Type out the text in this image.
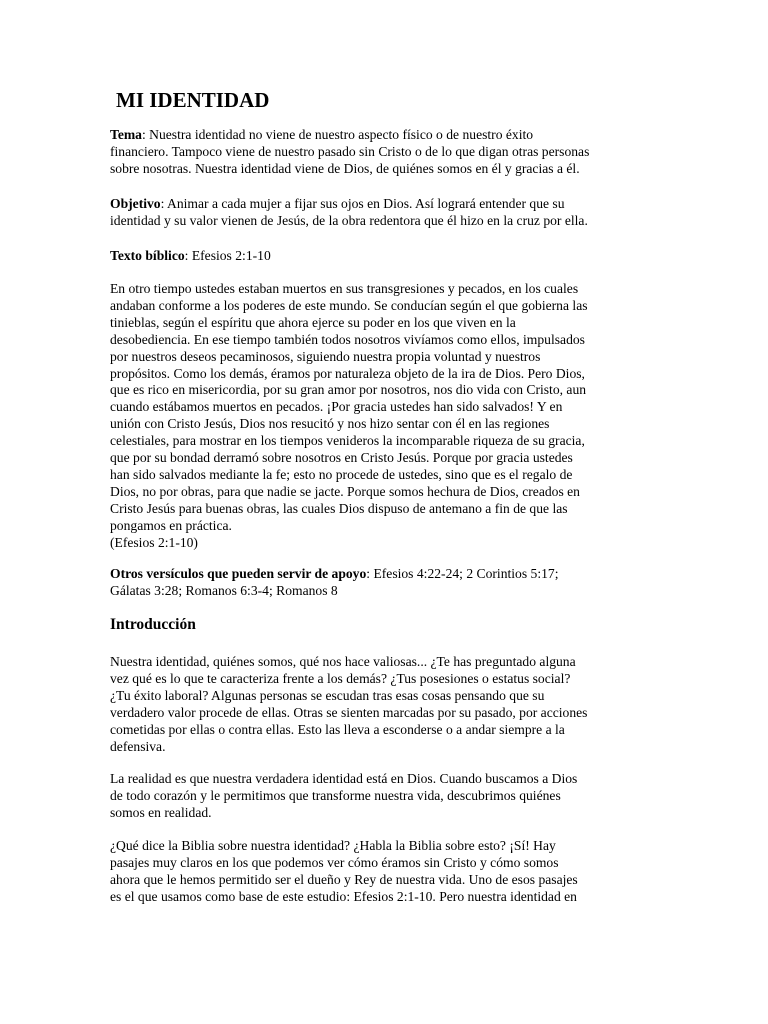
MI IDENTIDAD
Tema: Nuestra identidad no viene de nuestro aspecto físico o de nuestro éxito
financiero. Tampoco viene de nuestro pasado sin Cristo o de lo que digan otras personas
sobre nosotras. Nuestra identidad viene de Dios, de quiénes somos en él y gracias a él.
Objetivo: Animar a cada mujer a fijar sus ojos en Dios. Así logrará entender que su
identidad y su valor vienen de Jesús, de la obra redentora que él hizo en la cruz por ella.
Texto bíblico: Efesios 2:1-10
En otro tiempo ustedes estaban muertos en sus transgresiones y pecados, en los cuales
andaban conforme a los poderes de este mundo. Se conducían según el que gobierna las
tinieblas, según el espíritu que ahora ejerce su poder en los que viven en la
desobediencia. En ese tiempo también todos nosotros vivíamos como ellos, impulsados
por nuestros deseos pecaminosos, siguiendo nuestra propia voluntad y nuestros
propósitos. Como los demás, éramos por naturaleza objeto de la ira de Dios. Pero Dios,
que es rico en misericordia, por su gran amor por nosotros, nos dio vida con Cristo, aun
cuando estábamos muertos en pecados. ¡Por gracia ustedes han sido salvados! Y en
unión con Cristo Jesús, Dios nos resucitó y nos hizo sentar con él en las regiones
celestiales, para mostrar en los tiempos venideros la incomparable riqueza de su gracia,
que por su bondad derramó sobre nosotros en Cristo Jesús. Porque por gracia ustedes
han sido salvados mediante la fe; esto no procede de ustedes, sino que es el regalo de
Dios, no por obras, para que nadie se jacte. Porque somos hechura de Dios, creados en
Cristo Jesús para buenas obras, las cuales Dios dispuso de antemano a fin de que las
pongamos en práctica.
(Efesios 2:1-10)
Otros versículos que pueden servir de apoyo: Efesios 4:22-24; 2 Corintios 5:17;
Gálatas 3:28; Romanos 6:3-4; Romanos 8
Introducción
Nuestra identidad, quiénes somos, qué nos hace valiosas... ¿Te has preguntado alguna
vez qué es lo que te caracteriza frente a los demás? ¿Tus posesiones o estatus social?
¿Tu éxito laboral? Algunas personas se escudan tras esas cosas pensando que su
verdadero valor procede de ellas. Otras se sienten marcadas por su pasado, por acciones
cometidas por ellas o contra ellas. Esto las lleva a esconderse o a andar siempre a la
defensiva.
La realidad es que nuestra verdadera identidad está en Dios. Cuando buscamos a Dios
de todo corazón y le permitimos que transforme nuestra vida, descubrimos quiénes
somos en realidad.
¿Qué dice la Biblia sobre nuestra identidad? ¿Habla la Biblia sobre esto? ¡Sí! Hay
pasajes muy claros en los que podemos ver cómo éramos sin Cristo y cómo somos
ahora que le hemos permitido ser el dueño y Rey de nuestra vida. Uno de esos pasajes
es el que usamos como base de este estudio: Efesios 2:1-10. Pero nuestra identidad en
